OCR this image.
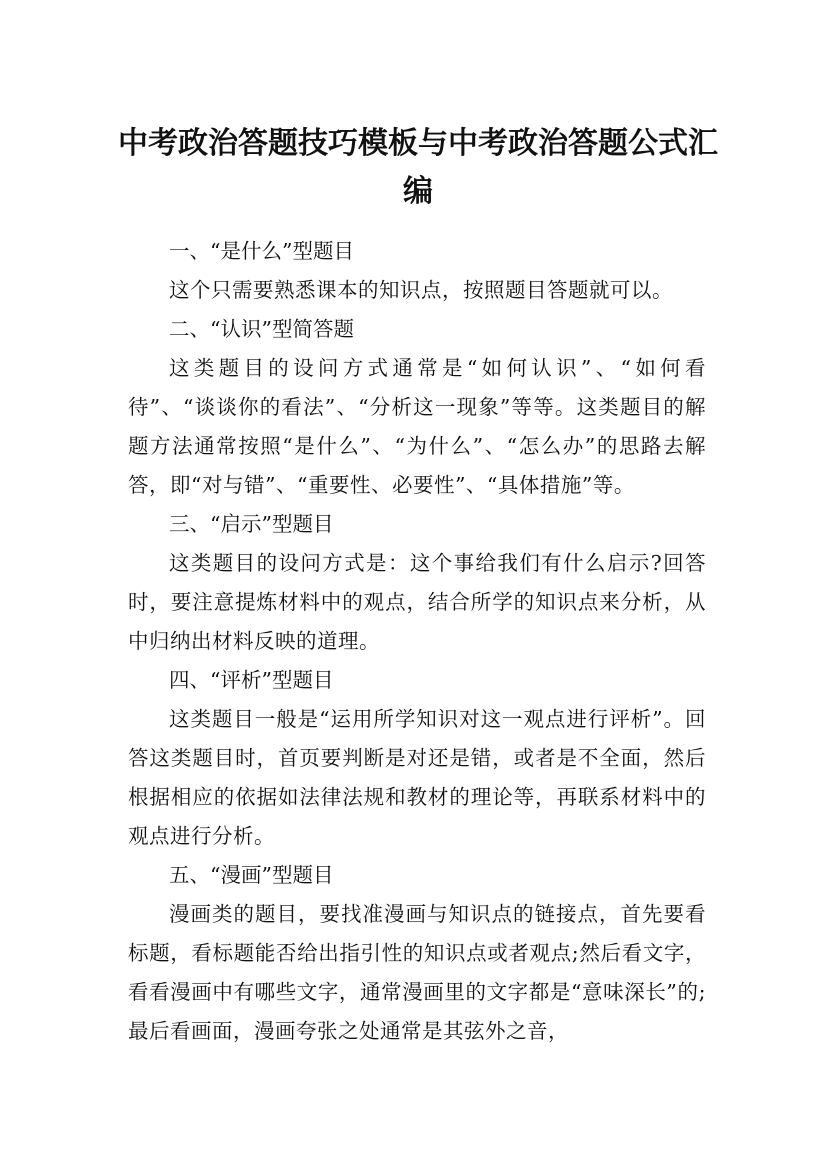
中考政治答题技巧模板与中考政治答题公式汇编

一、“是什么”型题目

这个只需要熟悉课本的知识点，按照题目答题就可以。

二、“认识”型简答题

这类题目的设问方式通常是“如何认识”、“如何看待”、“谈谈你的看法”、“分析这一现象”等等。这类题目的解题方法通常按照“是什么”、“为什么”、“怎么办”的思路去解答，即“对与错”、“重要性、必要性”、“具体措施”等。

三、“启示”型题目

这类题目的设问方式是：这个事给我们有什么启示?回答时，要注意提炼材料中的观点，结合所学的知识点来分析，从中归纳出材料反映的道理。

四、“评析”型题目

这类题目一般是“运用所学知识对这一观点进行评析”。回答这类题目时，首页要判断是对还是错，或者是不全面，然后根据相应的依据如法律法规和教材的理论等，再联系材料中的观点进行分析。

五、“漫画”型题目

漫画类的题目，要找准漫画与知识点的链接点，首先要看标题，看标题能否给出指引性的知识点或者观点;然后看文字，看看漫画中有哪些文字，通常漫画里的文字都是“意味深长”的;最后看画面，漫画夸张之处通常是其弦外之音，
